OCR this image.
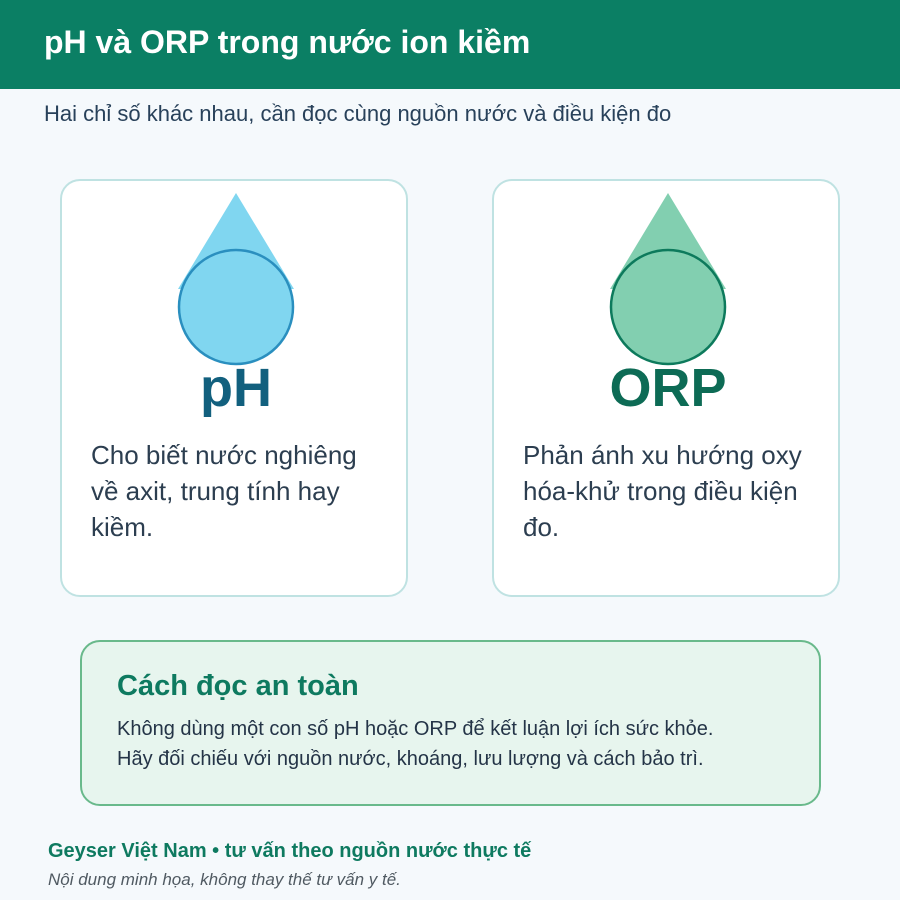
pH và ORP trong nước ion kiềm
Hai chỉ số khác nhau, cần đọc cùng nguồn nước và điều kiện đo
pH
Cho biết nước nghiêng về axit, trung tính hay kiềm.
ORP
Phản ánh xu hướng oxy hóa-khử trong điều kiện đo.
Cách đọc an toàn
Không dùng một con số pH hoặc ORP để kết luận lợi ích sức khỏe.
Hãy đối chiếu với nguồn nước, khoáng, lưu lượng và cách bảo trì.
Geyser Việt Nam • tư vấn theo nguồn nước thực tế
Nội dung minh họa, không thay thế tư vấn y tế.
